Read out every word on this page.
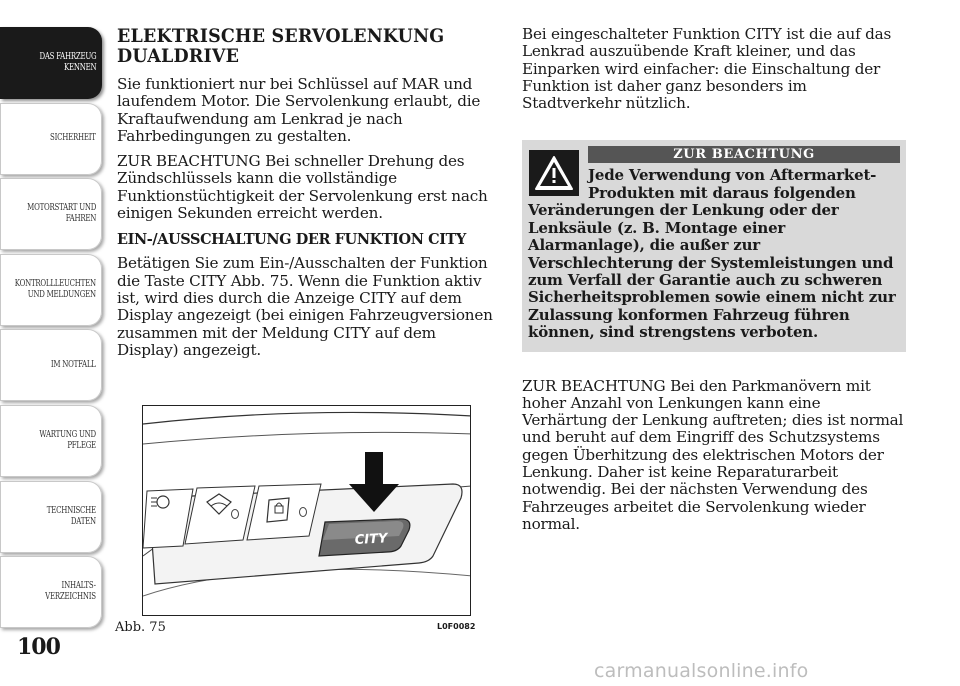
DAS FAHRZEUG
KENNEN
SICHERHEIT
MOTORSTART UND
FAHREN
KONTROLLLEUCHTEN
UND MELDUNGEN
IM NOTFALL
WARTUNG UND
PFLEGE
TECHNISCHE
DATEN
INHALTS-
VERZEICHNIS
100
ELEKTRISCHE SERVOLENKUNG DUALDRIVE

Sie funktioniert nur bei Schlüssel auf MAR und laufendem Motor. Die Servolenkung erlaubt, die Kraftaufwendung am Lenkrad je nach Fahrbedingungen zu gestalten.

ZUR BEACHTUNG Bei schneller Drehung des Zündschlüssels kann die vollständige Funktionstüchtigkeit der Servolenkung erst nach einigen Sekunden erreicht werden.

EIN-/AUSSCHALTUNG DER FUNKTION CITY

Betätigen Sie zum Ein-/Ausschalten der Funktion die Taste CITY Abb. 75. Wenn die Funktion aktiv ist, wird dies durch die Anzeige CITY auf dem Display angezeigt (bei einigen Fahrzeugversionen zusammen mit der Meldung CITY auf dem Display) angezeigt.

CITY
Abb. 75	L0F0082

Bei eingeschalteter Funktion CITY ist die auf das Lenkrad auszuübende Kraft kleiner, und das Einparken wird einfacher: die Einschaltung der Funktion ist daher ganz besonders im Stadtverkehr nützlich.

ZUR BEACHTUNG
Jede Verwendung von Aftermarket-
Produkten mit daraus folgenden
Veränderungen der Lenkung oder der Lenksäule (z. B. Montage einer Alarmanlage), die außer zur Verschlechterung der Systemleistungen und zum Verfall der Garantie auch zu schweren Sicherheitsproblemen sowie einem nicht zur Zulassung konformen Fahrzeug führen können, sind strengstens verboten.

ZUR BEACHTUNG Bei den Parkmanövern mit hoher Anzahl von Lenkungen kann eine Verhärtung der Lenkung auftreten; dies ist normal und beruht auf dem Eingriff des Schutzsystems gegen Überhitzung des elektrischen Motors der Lenkung. Daher ist keine Reparaturarbeit notwendig. Bei der nächsten Verwendung des Fahrzeuges arbeitet die Servolenkung wieder normal.

carmanualsonline.info
